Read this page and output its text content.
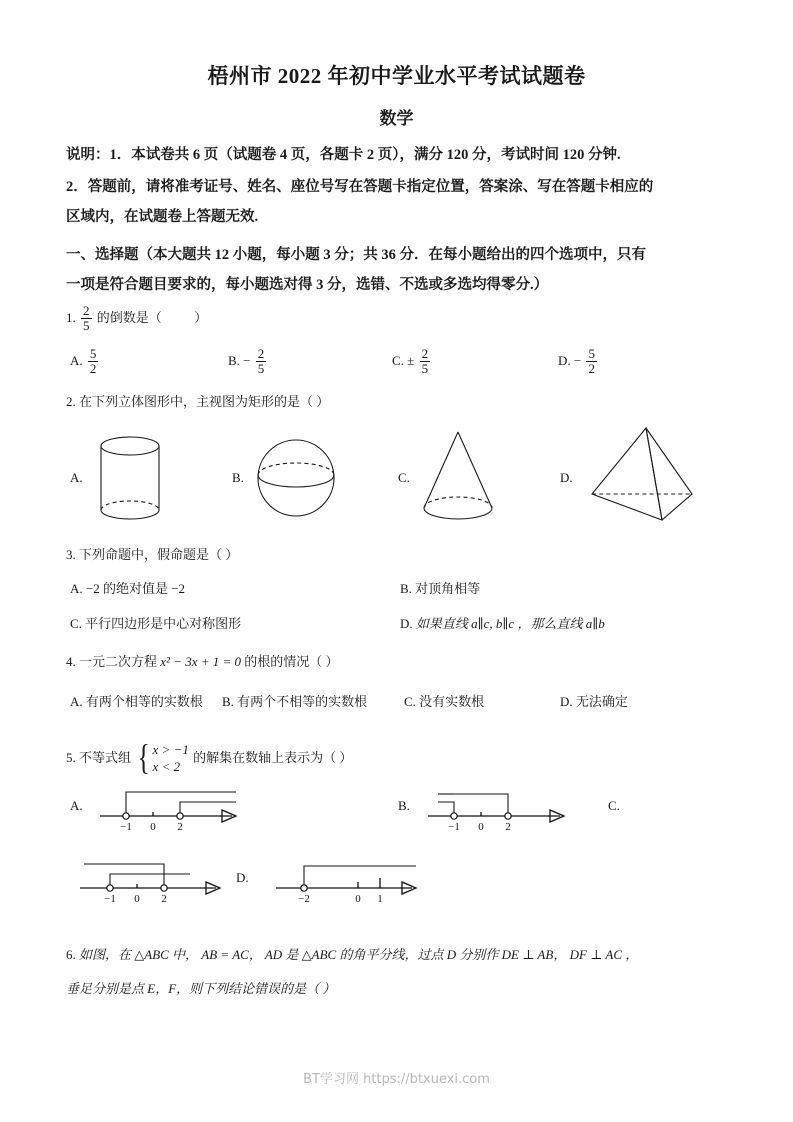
梧州市 2022 年初中学业水平考试试题卷
数学
说明：1．本试卷共 6 页（试题卷 4 页，各题卡 2 页），满分 120 分，考试时间 120 分钟.
2．答题前，请将准考证号、姓名、座位号写在答题卡指定位置，答案涂、写在答题卡相应的
区域内，在试题卷上答题无效.
一、选择题（本大题共 12 小题，每小题 3 分；共 36 分．在每小题给出的四个选项中，只有
一项是符合题目要求的，每小题选对得 3 分，选错、不选或多选均得零分.）
1. $\frac{2}{5}$ 的倒数是（	）
A. $\frac{5}{2}$	B. − $\frac{2}{5}$	C. ± $\frac{2}{5}$	D. − $\frac{5}{2}$
2. 在下列立体图形中，主视图为矩形的是（ ）
A.	B.	C.	D.
3. 下列命题中，假命题是（ ）
A. −2 的绝对值是 −2	B. 对顶角相等
C. 平行四边形是中心对称图形	D. 如果直线 a∥c, b∥c ，那么直线 a∥b
4. 一元二次方程 x² − 3x + 1 = 0 的根的情况（ ）
A. 有两个相等的实数根 B. 有两个不相等的实数根	C. 没有实数根	D. 无法确定
5. 不等式组 { x > −1
x < 2
的解集在数轴上表示为（ ）
A.
−1 0 2
B.
−1 0 2
C.
−1 0 2
D.
−2	0 1
6. 如图，在 △ABC 中， AB = AC， AD 是 △ABC 的角平分线，过点 D 分别作 DE ⊥ AB， DF ⊥ AC ，
垂足分别是点 E，F，则下列结论错误的是（ ）
BT学习网 https://btxuexi.com
